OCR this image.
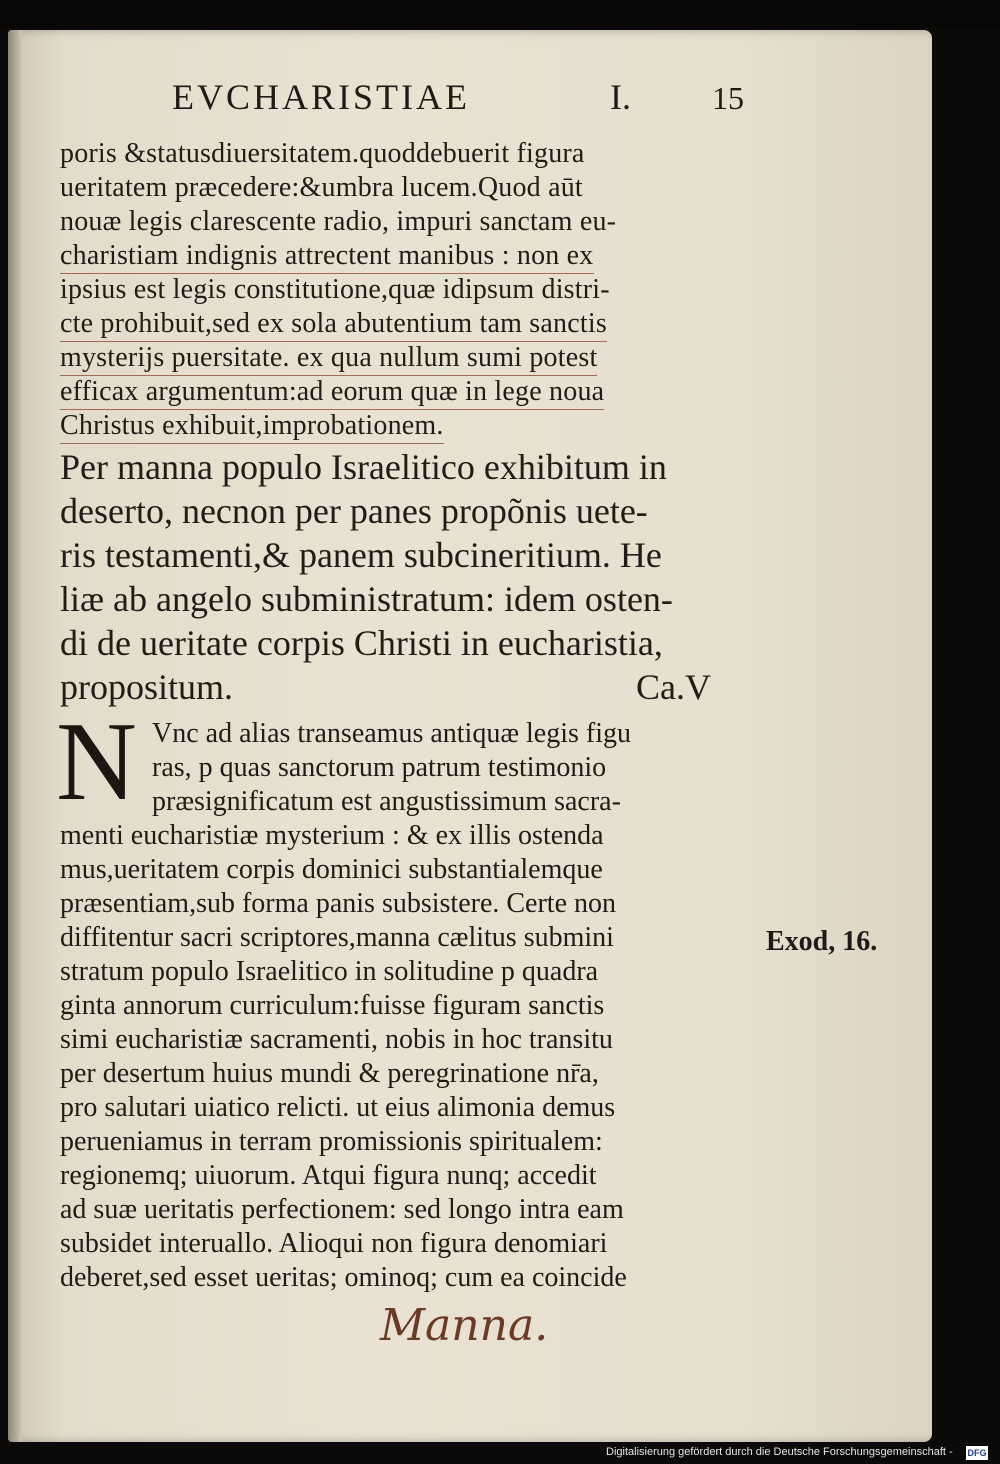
EVCHARISTIAE	I.	15
poris &statusdiuersitatem.quoddebuerit figura
ueritatem præcedere:&umbra lucem.Quod aūt
nouæ legis clarescente radio, impuri sanctam eu-
charistiam indignis attrectent manibus : non ex
ipsius est legis constitutione,quæ idipsum distri-
cte prohibuit,sed ex sola abutentium tam sanctis
mysterijs puersitate. ex qua nullum sumi potest
efficax argumentum:ad eorum quæ in lege noua
Christus exhibuit,improbationem.
Per manna populo Israelitico exhibitum in
deserto, necnon per panes propõnis uete-
ris testamenti,& panem subcineritium. He
liæ ab angelo subministratum: idem osten-
di de ueritate corpis Christi in eucharistia,
propositum.	Ca.V
N Vnc ad alias transeamus antiquæ legis figu
ras, p quas sanctorum patrum testimonio
præsignificatum est angustissimum sacra-
menti eucharistiæ mysterium : & ex illis ostenda
mus,ueritatem corpis dominici substantialemque
præsentiam,sub forma panis subsistere. Certe non
diffitentur sacri scriptores,manna cælitus submini
stratum populo Israelitico in solitudine p quadra
ginta annorum curriculum:fuisse figuram sanctis
simi eucharistiæ sacramenti, nobis in hoc transitu
per desertum huius mundi & peregrinatione nr̄a,
pro salutari uiatico relicti. ut eius alimonia demus
perueniamus in terram promissionis spiritualem:
regionemq; uiuorum. Atqui figura nunq; accedit
ad suæ ueritatis perfectionem: sed longo intra eam
subsidet interuallo. Alioqui non figura denomiari
deberet,sed esset ueritas; ominoq; cum ea coincide
Exod, 16.
Manna.
Digitalisierung gefördert durch die Deutsche Forschungsgemeinschaft - DFG
